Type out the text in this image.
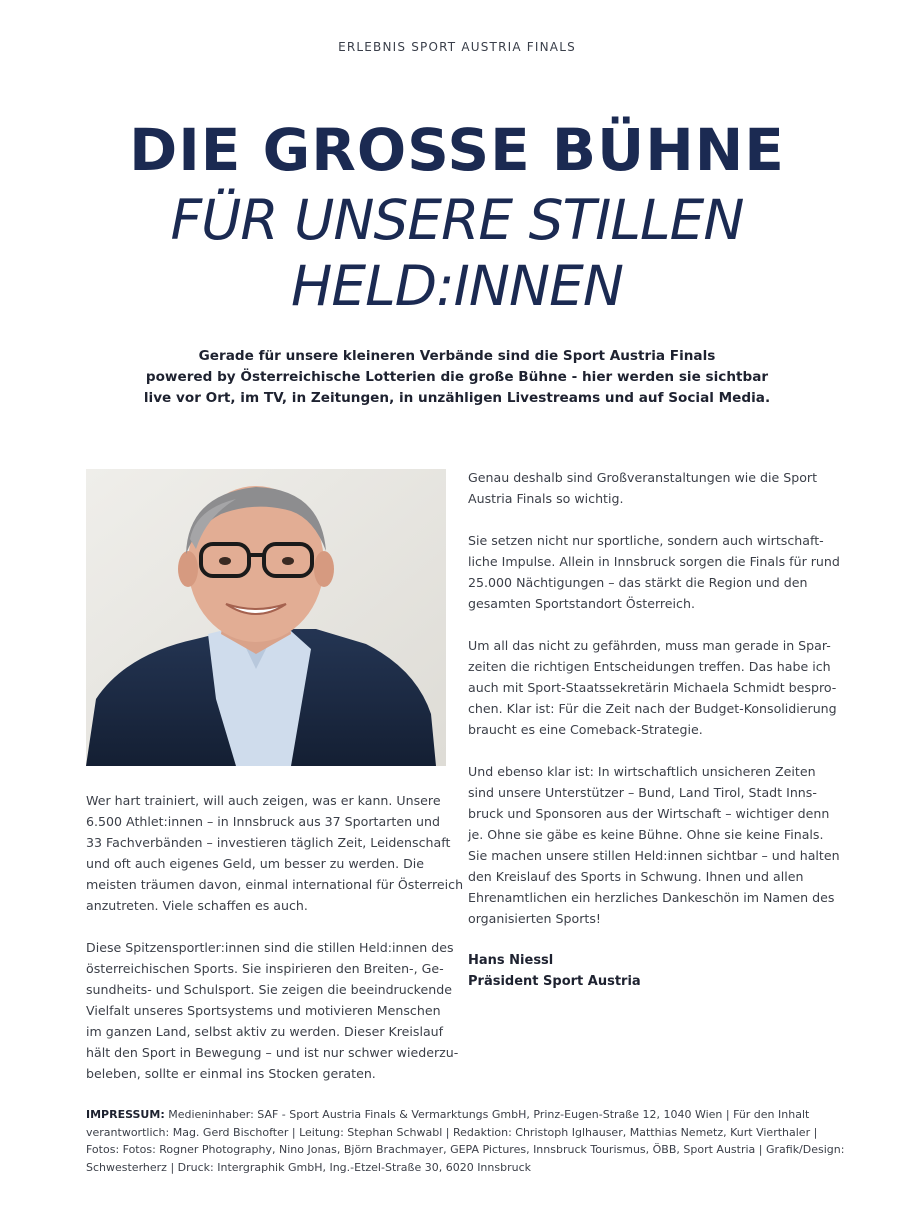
ERLEBNIS SPORT AUSTRIA FINALS
DIE GROSSE BÜHNE
FÜR UNSERE STILLEN
HELD:INNEN
Gerade für unsere kleineren Verbände sind die Sport Austria Finals
powered by Österreichische Lotterien die große Bühne - hier werden sie sichtbar
live vor Ort, im TV, in Zeitungen, in unzähligen Livestreams und auf Social Media.

Wer hart trainiert, will auch zeigen, was er kann. Unsere
6.500 Athlet:innen – in Innsbruck aus 37 Sportarten und
33 Fachverbänden – investieren täglich Zeit, Leidenschaft
und oft auch eigenes Geld, um besser zu werden. Die
meisten träumen davon, einmal international für Österreich
anzutreten. Viele schaffen es auch.

Diese Spitzensportler:innen sind die stillen Held:innen des
österreichischen Sports. Sie inspirieren den Breiten-, Ge-
sundheits- und Schulsport. Sie zeigen die beeindruckende
Vielfalt unseres Sportsystems und motivieren Menschen
im ganzen Land, selbst aktiv zu werden. Dieser Kreislauf
hält den Sport in Bewegung – und ist nur schwer wiederzu-
beleben, sollte er einmal ins Stocken geraten.

Genau deshalb sind Großveranstaltungen wie die Sport
Austria Finals so wichtig.

Sie setzen nicht nur sportliche, sondern auch wirtschaft-
liche Impulse. Allein in Innsbruck sorgen die Finals für rund
25.000 Nächtigungen – das stärkt die Region und den
gesamten Sportstandort Österreich.

Um all das nicht zu gefährden, muss man gerade in Spar-
zeiten die richtigen Entscheidungen treffen. Das habe ich
auch mit Sport-Staatssekretärin Michaela Schmidt bespro-
chen. Klar ist: Für die Zeit nach der Budget-Konsolidierung
braucht es eine Comeback-Strategie.

Und ebenso klar ist: In wirtschaftlich unsicheren Zeiten
sind unsere Unterstützer – Bund, Land Tirol, Stadt Inns-
bruck und Sponsoren aus der Wirtschaft – wichtiger denn
je. Ohne sie gäbe es keine Bühne. Ohne sie keine Finals.
Sie machen unsere stillen Held:innen sichtbar – und halten
den Kreislauf des Sports in Schwung. Ihnen und allen
Ehrenamtlichen ein herzliches Dankeschön im Namen des
organisierten Sports!

Hans Niessl
Präsident Sport Austria
IMPRESSUM: Medieninhaber: SAF - Sport Austria Finals & Vermarktungs GmbH, Prinz-Eugen-Straße 12, 1040 Wien | Für den Inhalt
verantwortlich: Mag. Gerd Bischofter | Leitung: Stephan Schwabl | Redaktion: Christoph Iglhauser, Matthias Nemetz, Kurt Vierthaler |
Fotos: Fotos: Rogner Photography, Nino Jonas, Björn Brachmayer, GEPA Pictures, Innsbruck Tourismus, ÖBB, Sport Austria | Grafik/Design:
Schwesterherz | Druck: Intergraphik GmbH, Ing.-Etzel-Straße 30, 6020 Innsbruck
